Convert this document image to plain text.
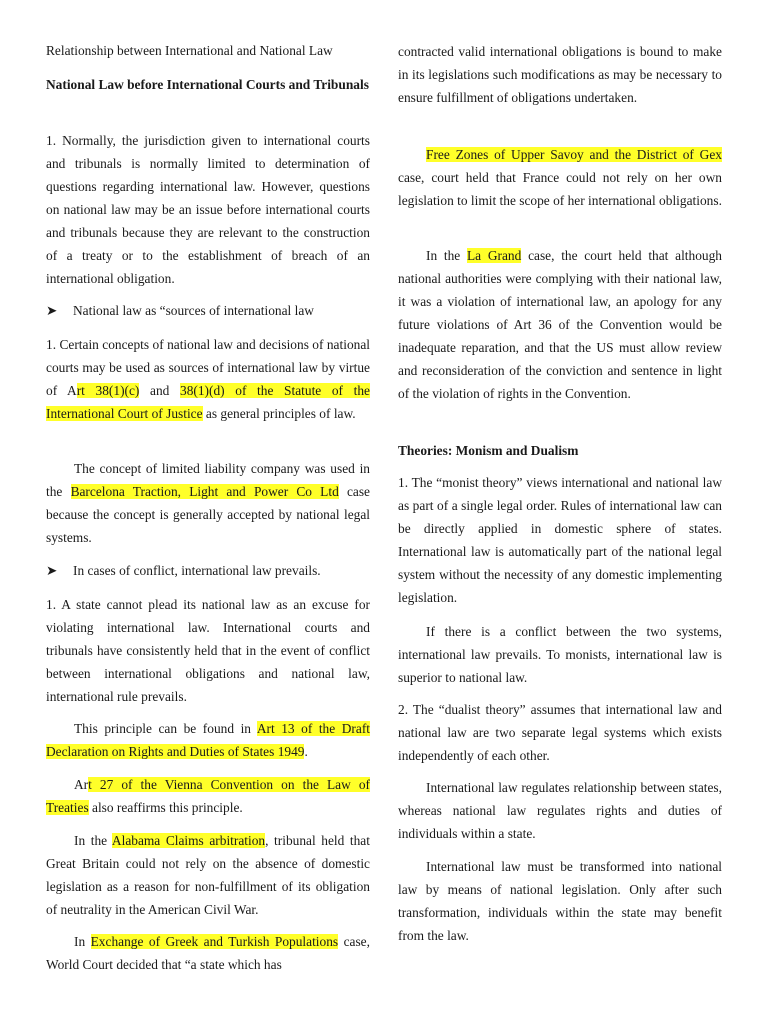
Relationship between International and National Law

National Law before International Courts and Tribunals

1. Normally, the jurisdiction given to international courts and tribunals is normally limited to determination of questions regarding international law. However, questions on national law may be an issue before international courts and tribunals because they are relevant to the construction of a treaty or to the establishment of breach of an international obligation.

➤ National law as “sources of international law

1. Certain concepts of national law and decisions of national courts may be used as sources of international law by virtue of Art 38(1)(c) and 38(1)(d) of the Statute of the International Court of Justice as general principles of law.

The concept of limited liability company was used in the Barcelona Traction, Light and Power Co Ltd case because the concept is generally accepted by national legal systems.

➤ In cases of conflict, international law prevails.

1. A state cannot plead its national law as an excuse for violating international law. International courts and tribunals have consistently held that in the event of conflict between international obligations and national law, international rule prevails.

This principle can be found in Art 13 of the Draft Declaration on Rights and Duties of States 1949.

Art 27 of the Vienna Convention on the Law of Treaties also reaffirms this principle.

In the Alabama Claims arbitration, tribunal held that Great Britain could not rely on the absence of domestic legislation as a reason for non-fulfillment of its obligation of neutrality in the American Civil War.

In Exchange of Greek and Turkish Populations case, World Court decided that “a state which has

contracted valid international obligations is bound to make in its legislations such modifications as may be necessary to ensure fulfillment of obligations undertaken.

Free Zones of Upper Savoy and the District of Gex case, court held that France could not rely on her own legislation to limit the scope of her international obligations.

In the La Grand case, the court held that although national authorities were complying with their national law, it was a violation of international law, an apology for any future violations of Art 36 of the Convention would be inadequate reparation, and that the US must allow review and reconsideration of the conviction and sentence in light of the violation of rights in the Convention.

Theories: Monism and Dualism

1. The “monist theory” views international and national law as part of a single legal order. Rules of international law can be directly applied in domestic sphere of states. International law is automatically part of the national legal system without the necessity of any domestic implementing legislation.

If there is a conflict between the two systems, international law prevails. To monists, international law is superior to national law.

2. The “dualist theory” assumes that international law and national law are two separate legal systems which exists independently of each other.

International law regulates relationship between states, whereas national law regulates rights and duties of individuals within a state.

International law must be transformed into national law by means of national legislation. Only after such transformation, individuals within the state may benefit from the law.
